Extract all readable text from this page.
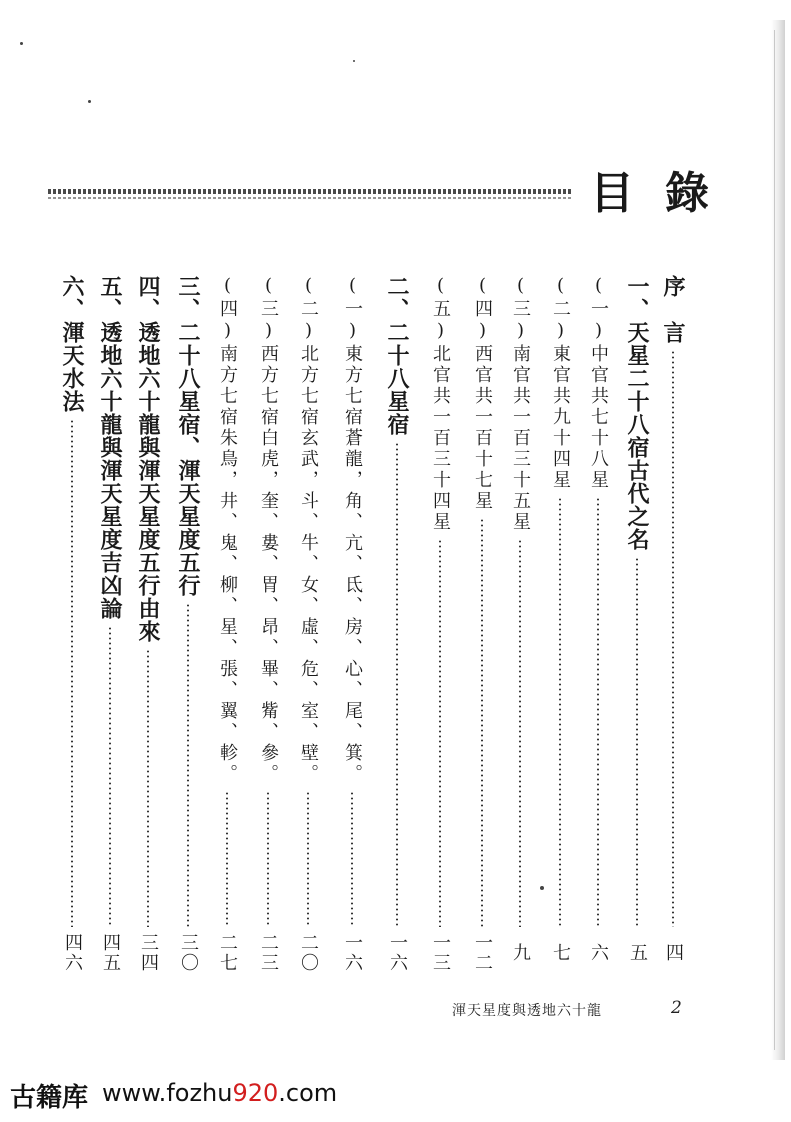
目 錄
序　言
四
一、天星二十八宿古代之名
五
(一)中官共七十八星
六
(二)東官共九十四星
七
(三)南官共一百三十五星
九
(四)西官共一百十七星
一二
(五)北官共一百三十四星
一三
二、二十八星宿
一六
(一)東方七宿蒼龍，角、亢、氐、房、心、尾、箕。
一六
(二)北方七宿玄武，斗、牛、女、虛、危、室、壁。
二〇
(三)西方七宿白虎，奎、婁、胃、昂、畢、觜、參。
二三
(四)南方七宿朱鳥，井、鬼、柳、星、張、翼、軫。
二七
三、二十八星宿、渾天星度五行
三〇
四、透地六十龍與渾天星度五行由來
三四
五、透地六十龍與渾天星度吉凶論
四五
六、渾天水法
四六
渾天星度與透地六十龍	2
古籍库 www.fozhu920.com
